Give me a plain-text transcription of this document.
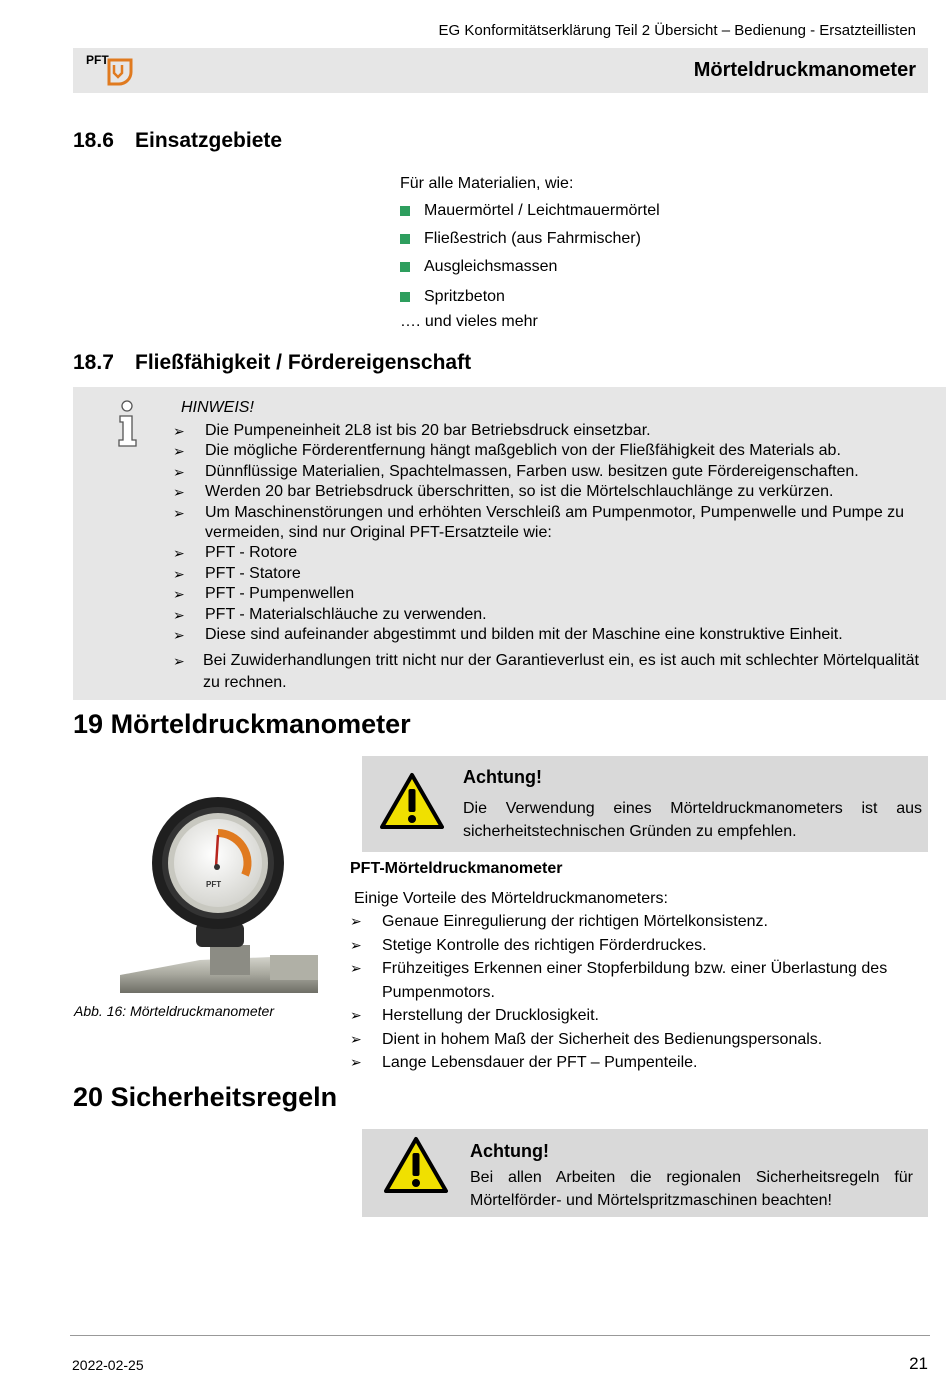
EG Konformitätserklärung Teil 2 Übersicht – Bedienung - Ersatzteillisten
PFT	Mörteldruckmanometer
18.6 Einsatzgebiete
Für alle Materialien, wie:
Mauermörtel / Leichtmauermörtel
Fließestrich (aus Fahrmischer)
Ausgleichsmassen
Spritzbeton
…. und vieles mehr
18.7 Fließfähigkeit / Fördereigenschaft
HINWEIS!
➢	Die Pumpeneinheit 2L8 ist bis 20 bar Betriebsdruck einsetzbar.
➢	Die mögliche Förderentfernung hängt maßgeblich von der Fließfähigkeit des Materials ab.
➢	Dünnflüssige Materialien, Spachtelmassen, Farben usw. besitzen gute Fördereigenschaften.
➢	Werden 20 bar Betriebsdruck überschritten, so ist die Mörtelschlauchlänge zu verkürzen.
➢	Um Maschinenstörungen und erhöhten Verschleiß am Pumpenmotor, Pumpenwelle und Pumpe zu vermeiden, sind nur Original PFT-Ersatzteile wie:
➢	PFT - Rotore
➢	PFT - Statore
➢	PFT - Pumpenwellen
➢	PFT - Materialschläuche zu verwenden.
➢	Diese sind aufeinander abgestimmt und bilden mit der Maschine eine konstruktive Einheit.
➢	Bei Zuwiderhandlungen tritt nicht nur der Garantieverlust ein, es ist auch mit schlechter Mörtelqualität zu rechnen.
19 Mörteldruckmanometer
Achtung!
Die Verwendung eines Mörteldruckmanometers ist aus sicherheitstechnischen Gründen zu empfehlen.
PFT
Abb. 16: Mörteldruckmanometer
PFT-Mörteldruckmanometer
Einige Vorteile des Mörteldruckmanometers:
➢	Genaue Einregulierung der richtigen Mörtelkonsistenz.
➢	Stetige Kontrolle des richtigen Förderdruckes.
➢	Frühzeitiges Erkennen einer Stopferbildung bzw. einer Überlastung des Pumpenmotors.
➢	Herstellung der Drucklosigkeit.
➢	Dient in hohem Maß der Sicherheit des Bedienungspersonals.
➢	Lange Lebensdauer der PFT – Pumpenteile.
20 Sicherheitsregeln
Achtung!
Bei allen Arbeiten die regionalen Sicherheitsregeln für Mörtelförder- und Mörtelspritzmaschinen beachten!
2022-02-25	21
